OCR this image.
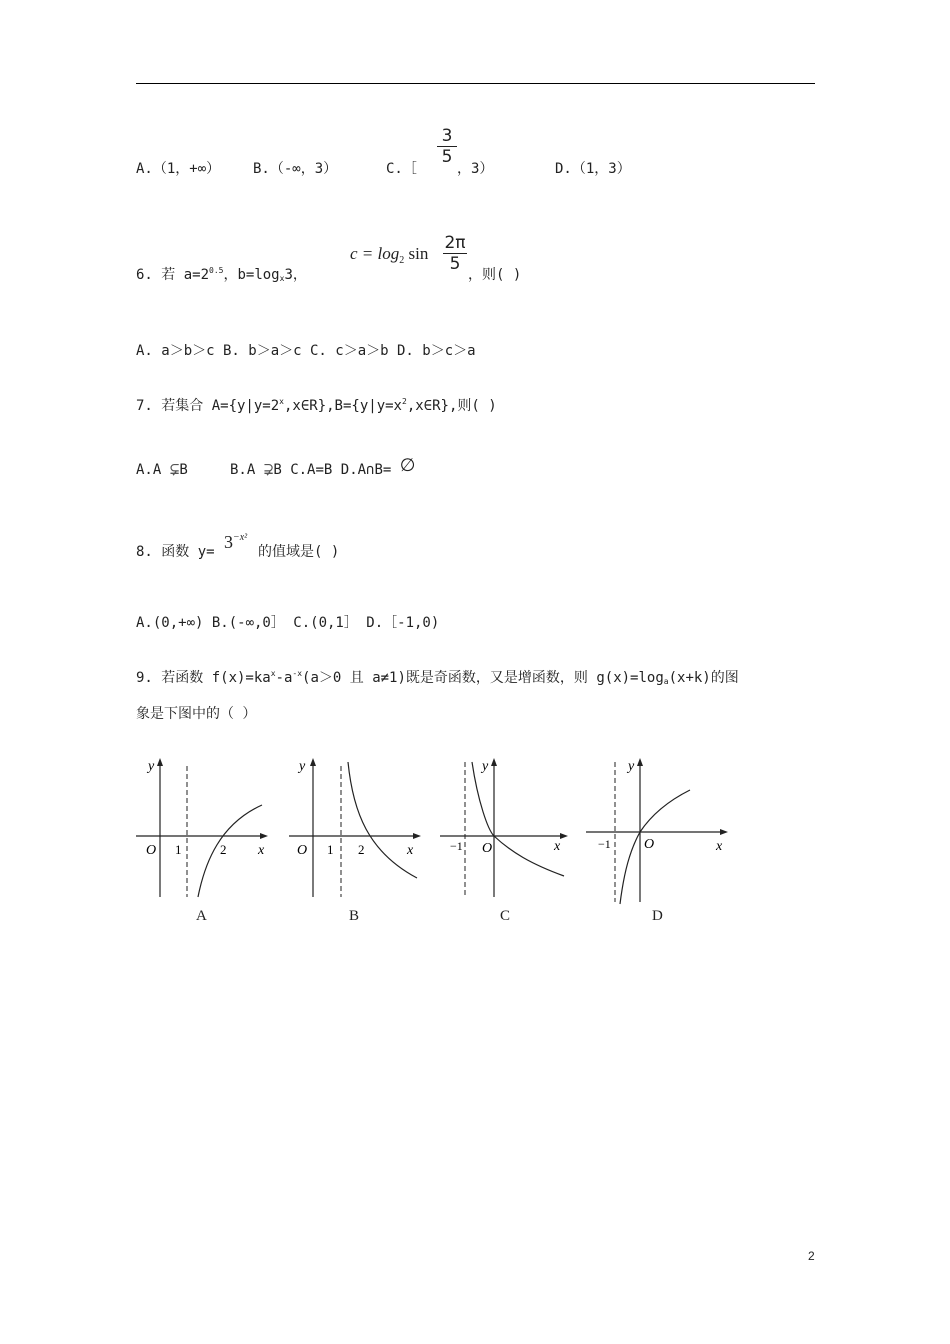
A.（1，+∞） B.（-∞，3）	C.［
$\frac{3}{5}$
，3）	D.（1，3）
6. 若 $a=2^{0.5}$，$b=\log_x3$，
$c = \log_2 \sin \frac{2\pi}{5}$
，则( )
A. a＞b＞c B. b＞a＞c C. c＞a＞b D. b＞c＞a
7. 若集合 $A=\{y|y=2^x,x\in R\},B=\{y|y=x^2,x\in R\}$,则( )
A.A ⊊B	B.A ⊋B C.A=B D.A∩B= ∅
8. 函数 $y= 3^{-x^2}$
的值域是( )
A.(0,+∞) B.(-∞,0］ C.(0,1］ D.［-1,0)
9. 若函数 $f(x)=ka^x-a^{-x}(a>0$ 且 a≠1)既是奇函数，又是增函数，则 $g(x)=\log_a(x+k)$的图
象是下图中的（ ）
y
x
O 1	2
A
y
x
O 1 2
B
y
x
O
−1
C
y
x
O
−1
D
2
